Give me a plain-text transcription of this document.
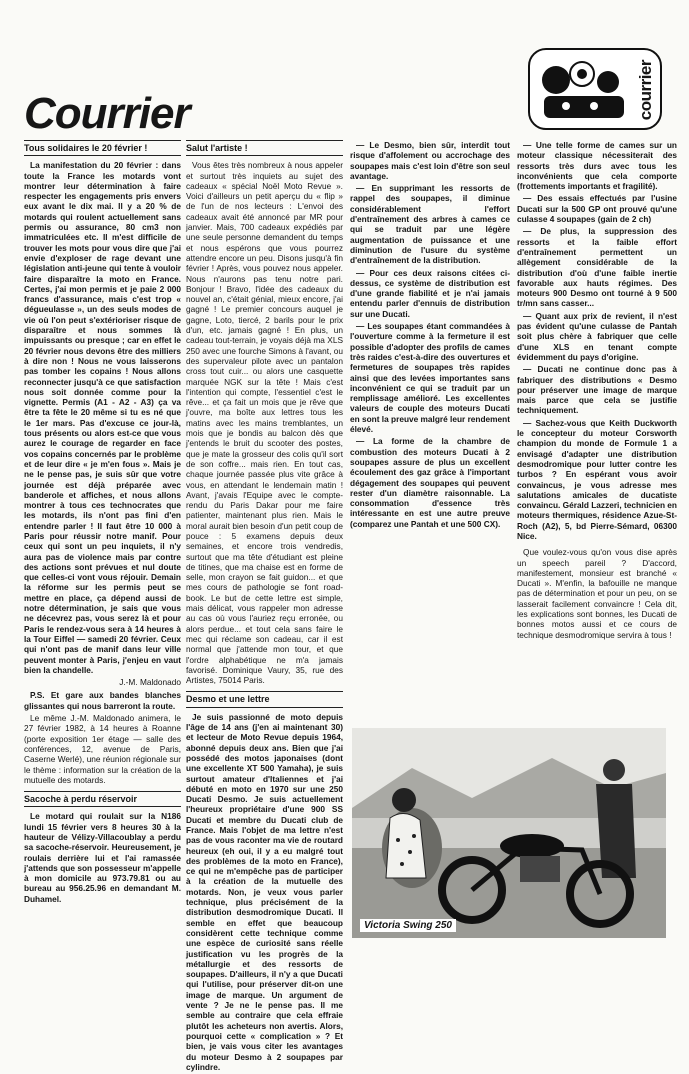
Courrier	courrier
Tous solidaires le 20 février !

La manifestation du 20 février : dans toute la France les motards vont montrer leur détermination à faire respecter les engagements pris envers eux avant le dix mai. Il y a 20 % de motards qui roulent actuellement sans permis ou assurance, 80 cm3 non immatriculées etc. Il m'est difficile de trouver les mots pour vous dire que j'ai envie d'exploser de rage devant une législation anti-jeune qui tente à vouloir faire disparaître la moto en France. Certes, j'ai mon permis et je paie 2 000 francs d'assurance, mais c'est trop « dégueulasse », un des seuls modes de vie où l'on peut s'extérioriser risque de disparaître et nous sommes là impuissants ou presque ; car en effet le 20 février nous devons être des milliers à dire non ! Nous ne vous laisserons pas tomber les copains ! Nous allons reconnecter jusqu'à ce que satisfaction nous soit donnée comme pour la vignette. Permis (A1 - A2 - A3) ça va être ta fête le 20 même si tu es né que le 1er mars. Pas d'excuse ce jour-là, tous présents ou alors est-ce que vous aurez le courage de regarder en face vos copains concernés par le problème et de leur dire « je m'en fous ». Mais je ne le pense pas, je suis sûr que votre journée est déjà préparée avec banderole et affiches, et nous allons montrer à tous ces technocrates que les motards, ils n'ont pas fini d'en entendre parler ! Il faut être 10 000 à Paris pour réussir notre manif. Pour ceux qui sont un peu inquiets, il n'y aura pas de violence mais par contre des actions sont prévues et nul doute que celles-ci vont vous réjouir. Demain la réforme sur les permis peut se mettre en place, ça dépend aussi de notre détermination, je sais que vous ne décevrez pas, vous serez là et pour Paris le rendez-vous sera à 14 heures à la Tour Eiffel — samedi 20 février. Ceux qui n'ont pas de manif dans leur ville peuvent monter à Paris, j'enjeu en vaut bien la chandelle.

J.-M. Maldonado

P.S. Et gare aux bandes blanches glissantes qui nous barreront la route.

Le même J.-M. Maldonado animera, le 27 février 1982, à 14 heures à Roanne (porte exposition 1er étage — salle des conférences, 12, avenue de Paris, Caserne Werlé), une réunion régionale sur le thème : information sur la création de la mutuelle des motards.

Sacoche à perdu réservoir

Le motard qui roulait sur la N186 lundi 15 février vers 8 heures 30 à la hauteur de Vélizy-Villacoublay a perdu sa sacoche-réservoir. Heureusement, je roulais derrière lui et l'ai ramassée j'attends que son possesseur m'appelle à mon domicile au 973.79.81 ou au bureau au 956.25.96 en demandant M. Duhamel.

Salut l'artiste !

Vous êtes très nombreux à nous appeler et surtout très inquiets au sujet des cadeaux « spécial Noël Moto Revue ». Voici d'ailleurs un petit aperçu du « flip » de l'un de nos lecteurs : L'envoi des cadeaux avait été annoncé par MR pour janvier. Mais, 700 cadeaux expédiés par une seule personne demandent du temps et nous espérons que vous pourrez attendre encore un peu. Disons jusqu'à fin février ! Après, vous pouvez nous appeler. Nous n'aurons pas tenu notre pari. Bonjour ! Bravo, l'idée des cadeaux du nouvel an, c'était génial, mieux encore, j'ai gagné ! Le premier concours auquel je gagne, Loto, tiercé, 2 barils pour le prix d'un, etc. jamais gagné ! En plus, un cadeau tout-terrain, je voyais déjà ma XLS 250 avec une fourche Simons à l'avant, ou des supervaleur pilote avec un pantalon cross tout cuir... ou alors une casquette marquée NGK sur la tête ! Mais c'est l'intention qui compte, l'essentiel c'est le rêve... et ça fait un mois que je rêve que j'ouvre, ma boîte aux lettres tous les matins avec les mains tremblantes, un mois que je bondis au balcon dès que j'entends le bruit du scooter des postes, que je mate la grosseur des colis qu'il sort de son coffre... mais rien. En tout cas, chaque journée passée plus vite grâce à vous, en attendant le lendemain matin ! Avant, j'avais l'Equipe avec le compte-rendu du Paris Dakar pour me faire patienter, maintenant plus rien. Mais le moral aurait bien besoin d'un petit coup de pouce : 5 examens depuis deux semaines, et encore trois vendredis, surtout que ma tête d'étudiant est pleine de titines, que ma chaise est en forme de selle, mon crayon se fait guidon... et que mes cours de pathologie se font road-book. Le but de cette lettre est simple, mais délicat, vous rappeler mon adresse au cas où vous l'auriez reçu erronée, ou alors perdue... et tout cela sans faire le mec qui réclame son cadeau, car il est normal que j'attende mon tour, et que l'ordre alphabétique ne m'a jamais favorisé. Dominique Vaury, 35, rue des Artistes, 75014 Paris.

Desmo et une lettre

Je suis passionné de moto depuis l'âge de 14 ans (j'en ai maintenant 30) et lecteur de Moto Revue depuis 1964, abonné depuis deux ans. Bien que j'ai possédé des motos japonaises (dont une excellente XT 500 Yamaha), je suis surtout amateur d'Italiennes et j'ai débuté en moto en 1970 sur une 250 Ducati Desmo. Je suis actuellement l'heureux propriétaire d'une 900 SS Ducati et membre du Ducati club de France. Mais l'objet de ma lettre n'est pas de vous raconter ma vie de routard heureux (eh oui, il y a eu malgré tout des problèmes de la moto en France), ce qui ne m'empêche pas de participer à la création de la mutuelle des motards. Non, je veux vous parler technique, plus précisément de la distribution desmodromique Ducati. Il semble en effet que beaucoup considèrent cette technique comme une espèce de curiosité sans réelle justification vu les progrès de la métallurgie et des ressorts de soupapes. D'ailleurs, il n'y a que Ducati qui l'utilise, pour préserver dit-on une image de marque. Un argument de vente ? Je ne le pense pas. Il me semble au contraire que cela effraie plutôt les acheteurs non avertis. Alors, pourquoi cette « complication » ? Et bien, je vais vous citer les avantages du moteur Desmo à 2 soupapes par cylindre.

— Le Desmo, bien sûr, interdit tout risque d'affolement ou accrochage des soupapes mais c'est loin d'être son seul avantage.

— En supprimant les ressorts de rappel des soupapes, il diminue considérablement l'effort d'entraînement des arbres à cames ce qui se traduit par une légère augmentation de puissance et une diminution de l'usure du système d'entraînement de la distribution.

— Pour ces deux raisons citées ci-dessus, ce système de distribution est d'une grande fiabilité et je n'ai jamais entendu parler d'ennuis de distribution sur une Ducati.

— Les soupapes étant commandées à l'ouverture comme à la fermeture il est possible d'adopter des profils de cames très raides c'est-à-dire des ouvertures et fermetures de soupapes très rapides ainsi que des levées importantes sans inconvénient ce qui se traduit par un remplissage amélioré. Les excellentes valeurs de couple des moteurs Ducati en sont la preuve malgré leur rendement élevé.

— La forme de la chambre de combustion des moteurs Ducati à 2 soupapes assure de plus un excellent écoulement des gaz grâce à l'important dégagement des soupapes qui peuvent rester d'un diamètre raisonnable. La consommation d'essence très intéressante en est une autre preuve (comparez une Pantah et une 500 CX).

— Une telle forme de cames sur un moteur classique nécessiterait des ressorts très durs avec tous les inconvénients que cela comporte (frottements importants et fragilité).

— Des essais effectués par l'usine Ducati sur la 500 GP ont prouvé qu'une culasse 4 soupapes (gain de 2 ch)

— De plus, la suppression des ressorts et la faible effort d'entraînement permettent un allègement considérable de la distribution d'où d'une faible inertie favorable aux hauts régimes. Des moteurs 900 Desmo ont tourné à 9 500 tr/mn sans casser...

— Quant aux prix de revient, il n'est pas évident qu'une culasse de Pantah soit plus chère à fabriquer que celle d'une XLS en tenant compte évidemment du pays d'origine.

— Ducati ne continue donc pas à fabriquer des distributions « Desmo pour préserver une image de marque mais parce que cela se justifie techniquement.

— Sachez-vous que Keith Duckworth le concepteur du moteur Corsworth champion du monde de Formule 1 a envisagé d'adapter une distribution desmodromique pour lutter contre les turbos ? En espérant vous avoir convaincus, je vous adresse mes salutations amicales de ducatiste convaincu. Gérald Lazzeri, technicien en moteurs thermiques, résidence Azue-St-Roch (A2), 5, bd Pierre-Sémard, 06300 Nice.

Que voulez-vous qu'on vous dise après un speech pareil ? D'accord, manifestement, monsieur est branché « Ducati ». M'enfin, la bafouille ne manque pas de détermination et pour un peu, on se lasserait facilement convaincre ! Cela dit, les explications sont bonnes, les Ducati de bonnes motos aussi et ce cours de technique desmodromique servira à tous !

Victoria Swing 250
